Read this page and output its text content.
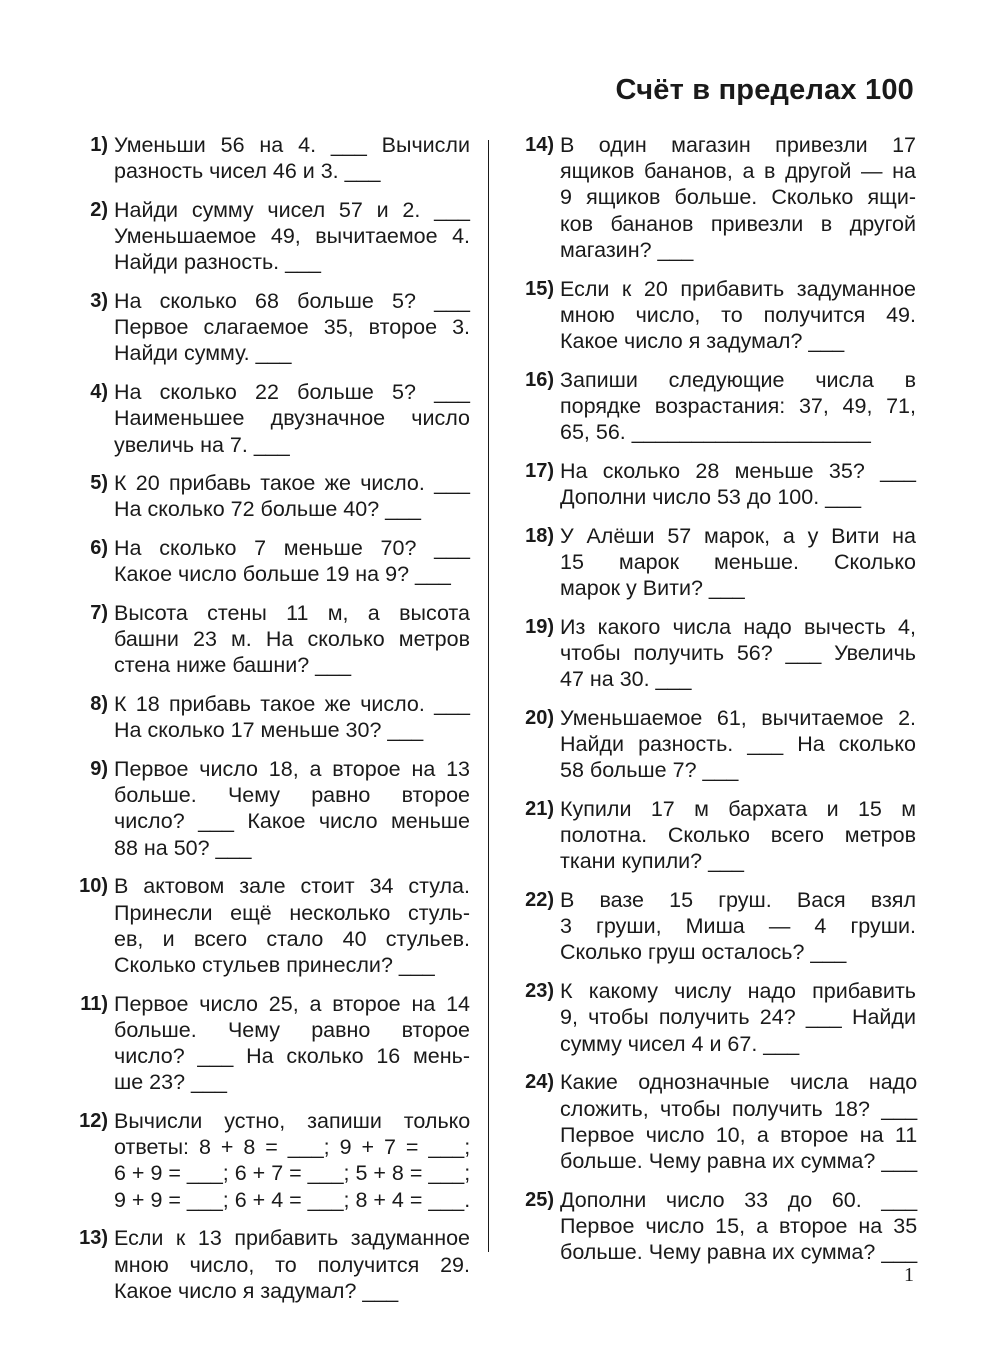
Счёт в пределах 100
1) Уменьши 56 на 4. ___ Вычисли
разность чисел 46 и 3. ___
2) Найди сумму чисел 57 и 2. ___
Уменьшаемое 49, вычитаемое 4.
Найди разность. ___
3) На сколько 68 больше 5? ___
Первое слагаемое 35, второе 3.
Найди сумму. ___
4) На сколько 22 больше 5? ___
Наименьшее двузначное число
увеличь на 7. ___
5) К 20 прибавь такое же число. ___
На сколько 72 больше 40? ___
6) На сколько 7 меньше 70? ___
Какое число больше 19 на 9? ___
7) Высота стены 11 м, а высота
башни 23 м. На сколько метров
стена ниже башни? ___
8) К 18 прибавь такое же число. ___
На сколько 17 меньше 30? ___
9) Первое число 18, а второе на 13
больше. Чему равно второе
число? ___ Какое число меньше
88 на 50? ___
10) В актовом зале стоит 34 стула.
Принесли ещё несколько стуль-
ев, и всего стало 40 стульев.
Сколько стульев принесли? ___
11) Первое число 25, а второе на 14
больше. Чему равно второе
число? ___ На сколько 16 мень-
ше 23? ___
12) Вычисли устно, запиши только
ответы: 8 + 8 = ___; 9 + 7 = ___;
6 + 9 = ___; 6 + 7 = ___; 5 + 8 = ___;
9 + 9 = ___; 6 + 4 = ___; 8 + 4 = ___.
13) Если к 13 прибавить задуманное
мною число, то получится 29.
Какое число я задумал? ___
14) В один магазин привезли 17
ящиков бананов, а в другой — на
9 ящиков больше. Сколько ящи-
ков бананов привезли в другой
магазин? ___
15) Если к 20 прибавить задуманное
мною число, то получится 49.
Какое число я задумал? ___
16) Запиши следующие числа в
порядке возрастания: 37, 49, 71,
65, 56. ____________________
17) На сколько 28 меньше 35? ___
Дополни число 53 до 100. ___
18) У Алёши 57 марок, а у Вити на
15 марок меньше. Сколько
марок у Вити? ___
19) Из какого числа надо вычесть 4,
чтобы получить 56? ___ Увеличь
47 на 30. ___
20) Уменьшаемое 61, вычитаемое 2.
Найди разность. ___ На сколько
58 больше 7? ___
21) Купили 17 м бархата и 15 м
полотна. Сколько всего метров
ткани купили? ___
22) В вазе 15 груш. Вася взял
3 груши, Миша — 4 груши.
Сколько груш осталось? ___
23) К какому числу надо прибавить
9, чтобы получить 24? ___ Найди
сумму чисел 4 и 67. ___
24) Какие однозначные числа надо
сложить, чтобы получить 18? ___
Первое число 10, а второе на 11
больше. Чему равна их сумма? ___
25) Дополни число 33 до 60. ___
Первое число 15, а второе на 35
больше. Чему равна их сумма? ___
1
